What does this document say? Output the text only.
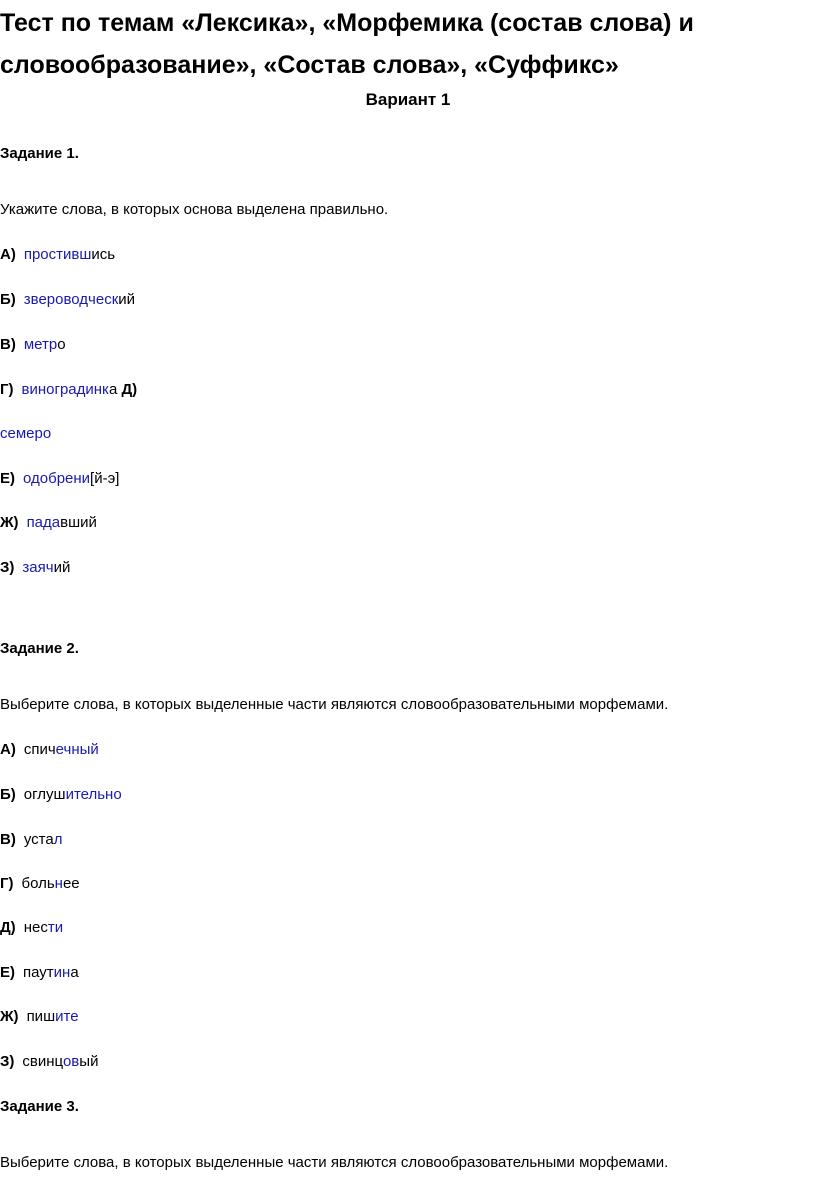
Тест по темам «Лексика», «Морфемика (состав слова) и словообразование», «Состав слова», «Суффикс»
Вариант 1
Задание 1.
Укажите слова, в которых основа выделена правильно.
А) простившись
Б) звероводческий
В) метро
Г) виноградинка Д)
семеро
Е) одобрени[й-э]
Ж) падавший
З) заячий
Задание 2.
Выберите слова, в которых выделенные части являются словообразовательными морфемами.
А) спичечный
Б) оглушительно
В) устал
Г) больнее
Д) нести
Е) паутина
Ж) пишите
З) свинцовый
Задание 3.
Выберите слова, в которых выделенные части являются словообразовательными морфемами.
